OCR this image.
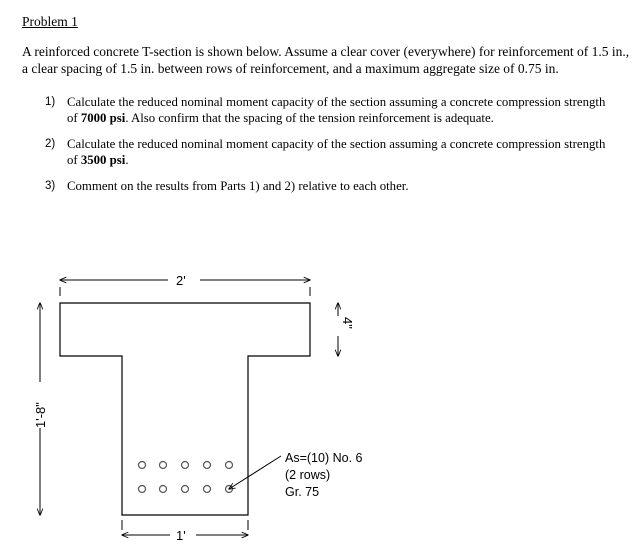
Problem 1
A reinforced concrete T-section is shown below. Assume a clear cover (everywhere) for reinforcement of 1.5 in., a clear spacing of 1.5 in. between rows of reinforcement, and a maximum aggregate size of 0.75 in.
1) Calculate the reduced nominal moment capacity of the section assuming a concrete compression strength of 7000 psi. Also confirm that the spacing of the tension reinforcement is adequate.
2) Calculate the reduced nominal moment capacity of the section assuming a concrete compression strength of 3500 psi.
3) Comment on the results from Parts 1) and 2) relative to each other.
2'
4"
1'-8"
1'
As=(10) No. 6
(2 rows)
Gr. 75
